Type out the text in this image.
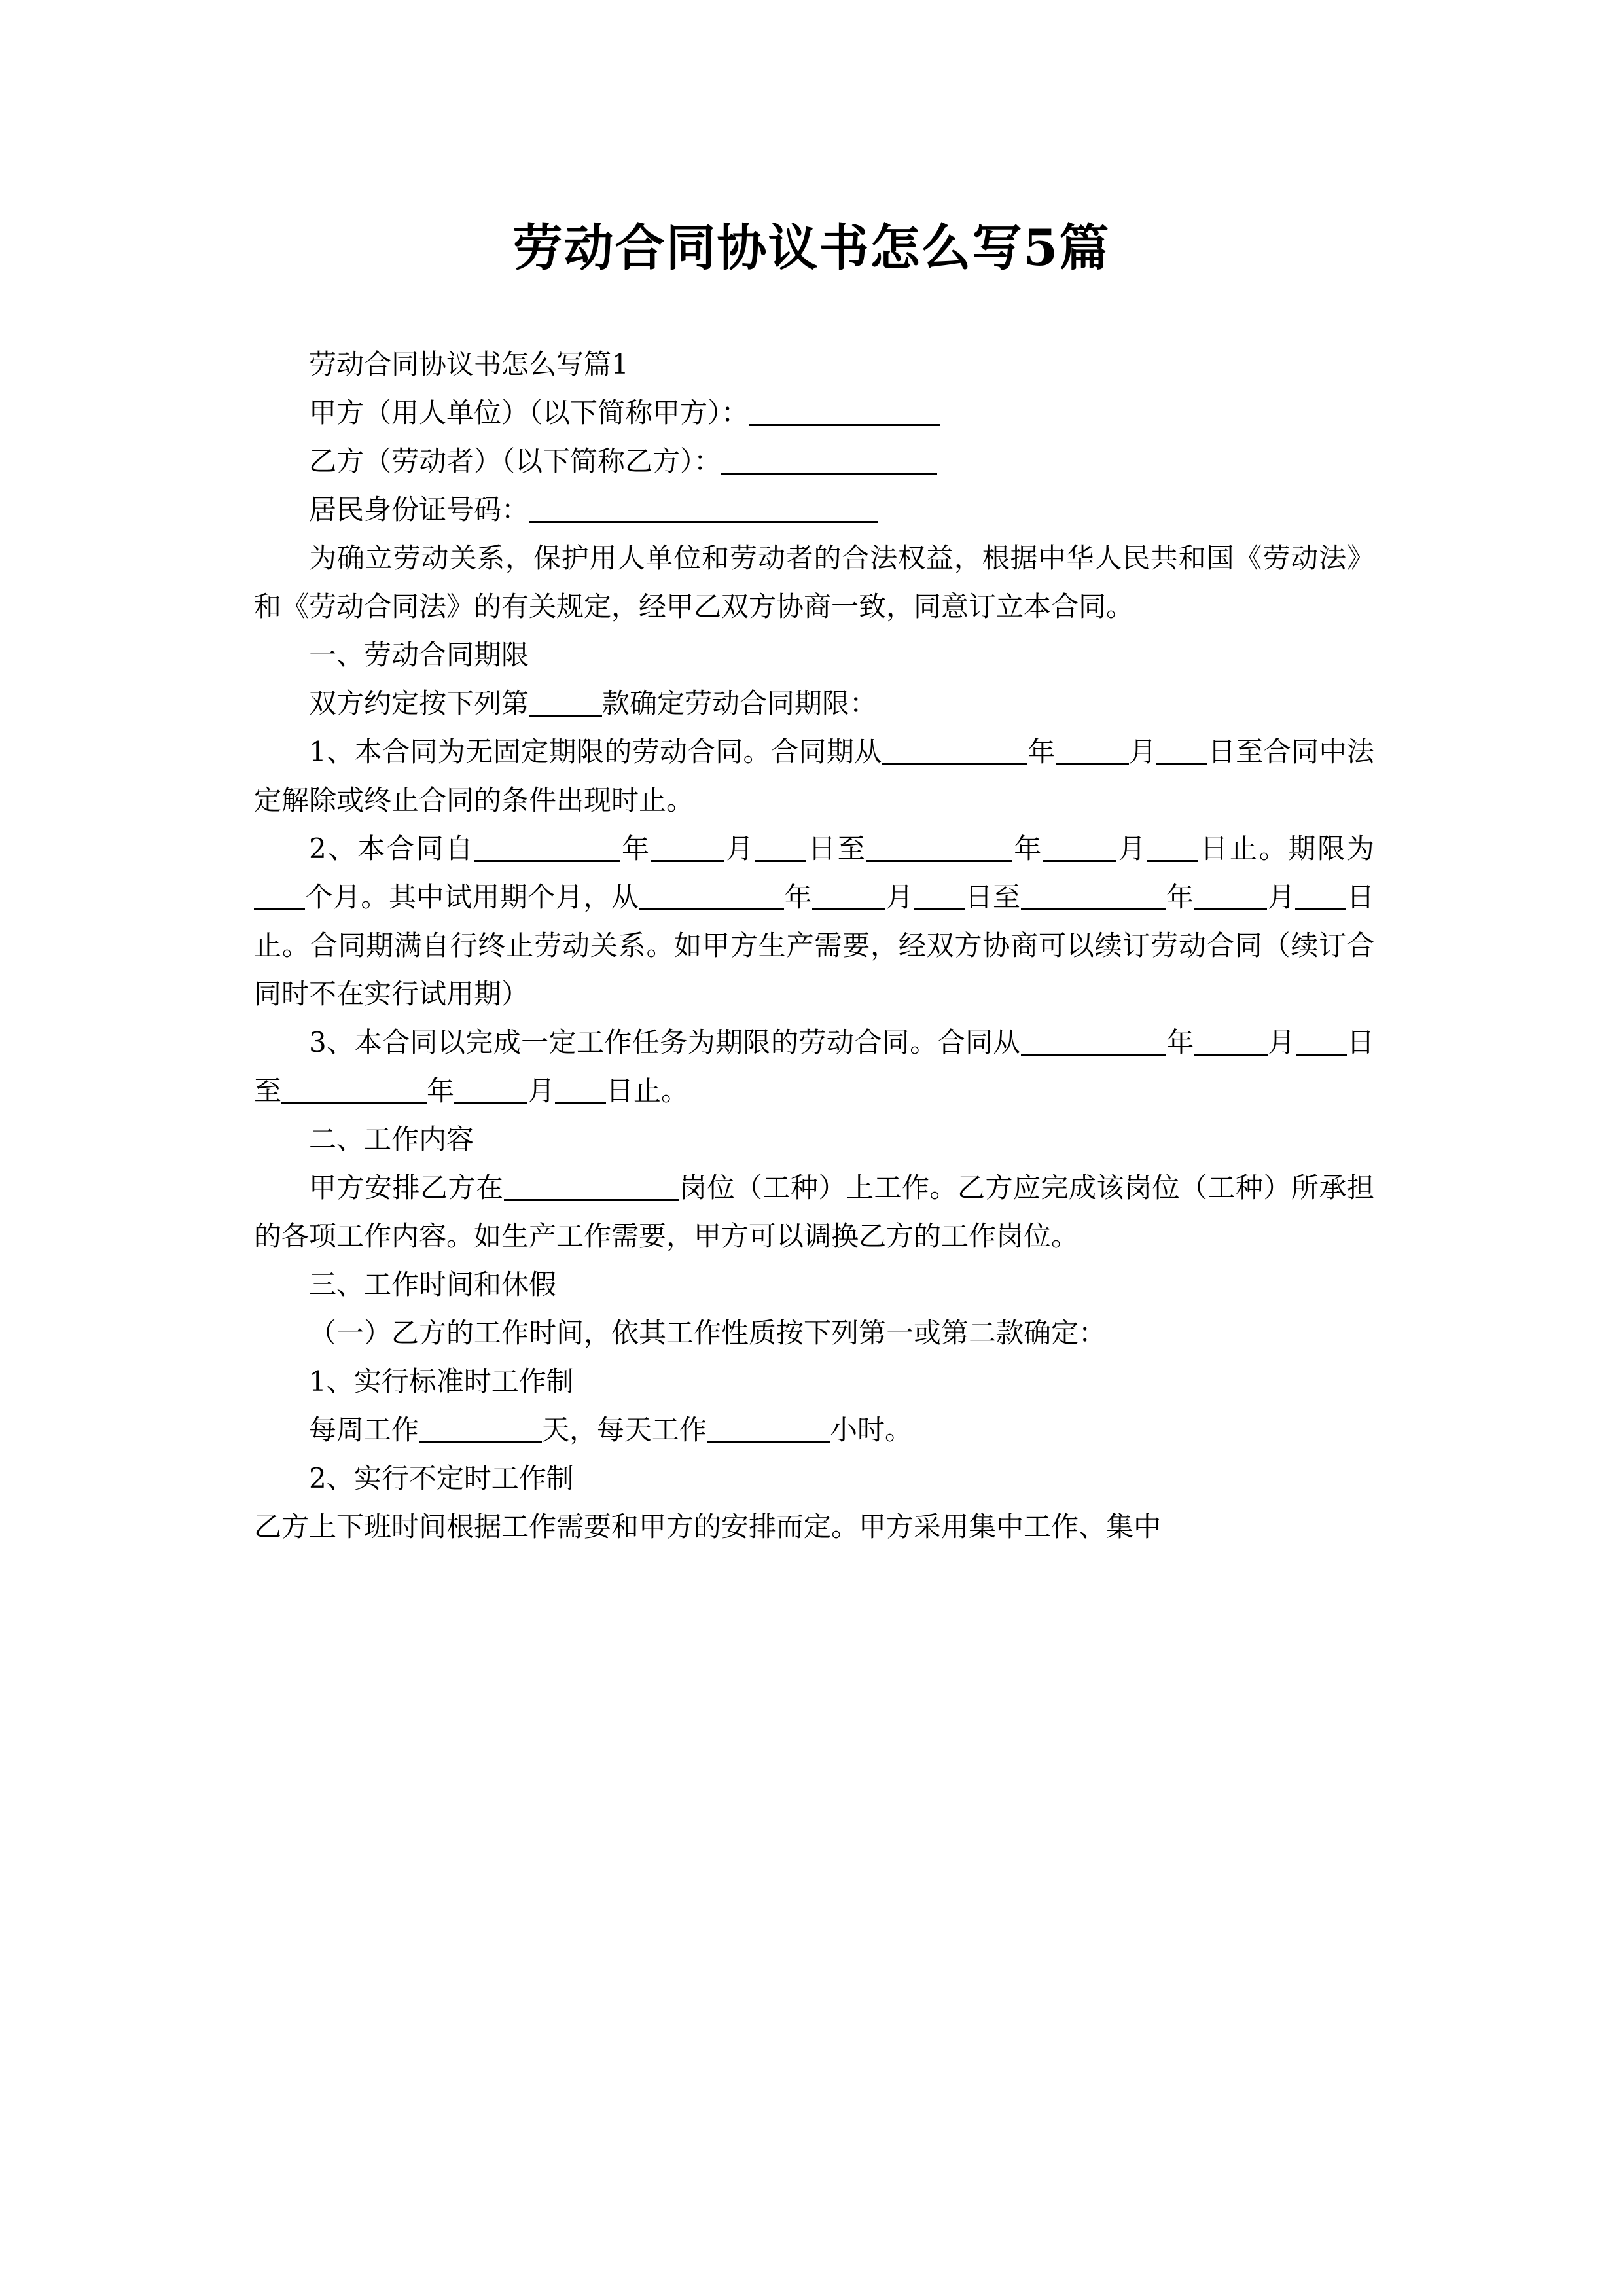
劳动合同协议书怎么写5篇

劳动合同协议书怎么写篇1

甲方（用人单位）（以下简称甲方）：

乙方（劳动者）（以下简称乙方）：

居民身份证号码：

为确立劳动关系，保护用人单位和劳动者的合法权益，根据中华人民共和国《劳动法》和《劳动合同法》的有关规定，经甲乙双方协商一致，同意订立本合同。

一、劳动合同期限

双方约定按下列第	款确定劳动合同期限：

1、本合同为无固定期限的劳动合同。合同期从	年	月 日至合同中法定解除或终止合同的条件出现时止。

2、本合同自	年	月 日至	年	月 日止。期限为个月。其中试用期个月，从	年	月 日至	年	月 日止。合同期满自行终止劳动关系。如甲方生产需要，经双方协商可以续订劳动合同（续订合同时不在实行试用期）

3、本合同以完成一定工作任务为期限的劳动合同。合同从	年	月 日至	年	月 日止。

二、工作内容

甲方安排乙方在	岗位（工种）上工作。乙方应完成该岗位（工种）所承担的各项工作内容。如生产工作需要，甲方可以调换乙方的工作岗位。

三、工作时间和休假

（一）乙方的工作时间，依其工作性质按下列第一或第二款确定：

1、实行标准时工作制

每周工作	天，每天工作	小时。

2、实行不定时工作制

乙方上下班时间根据工作需要和甲方的安排而定。甲方采用集中工作、集中
